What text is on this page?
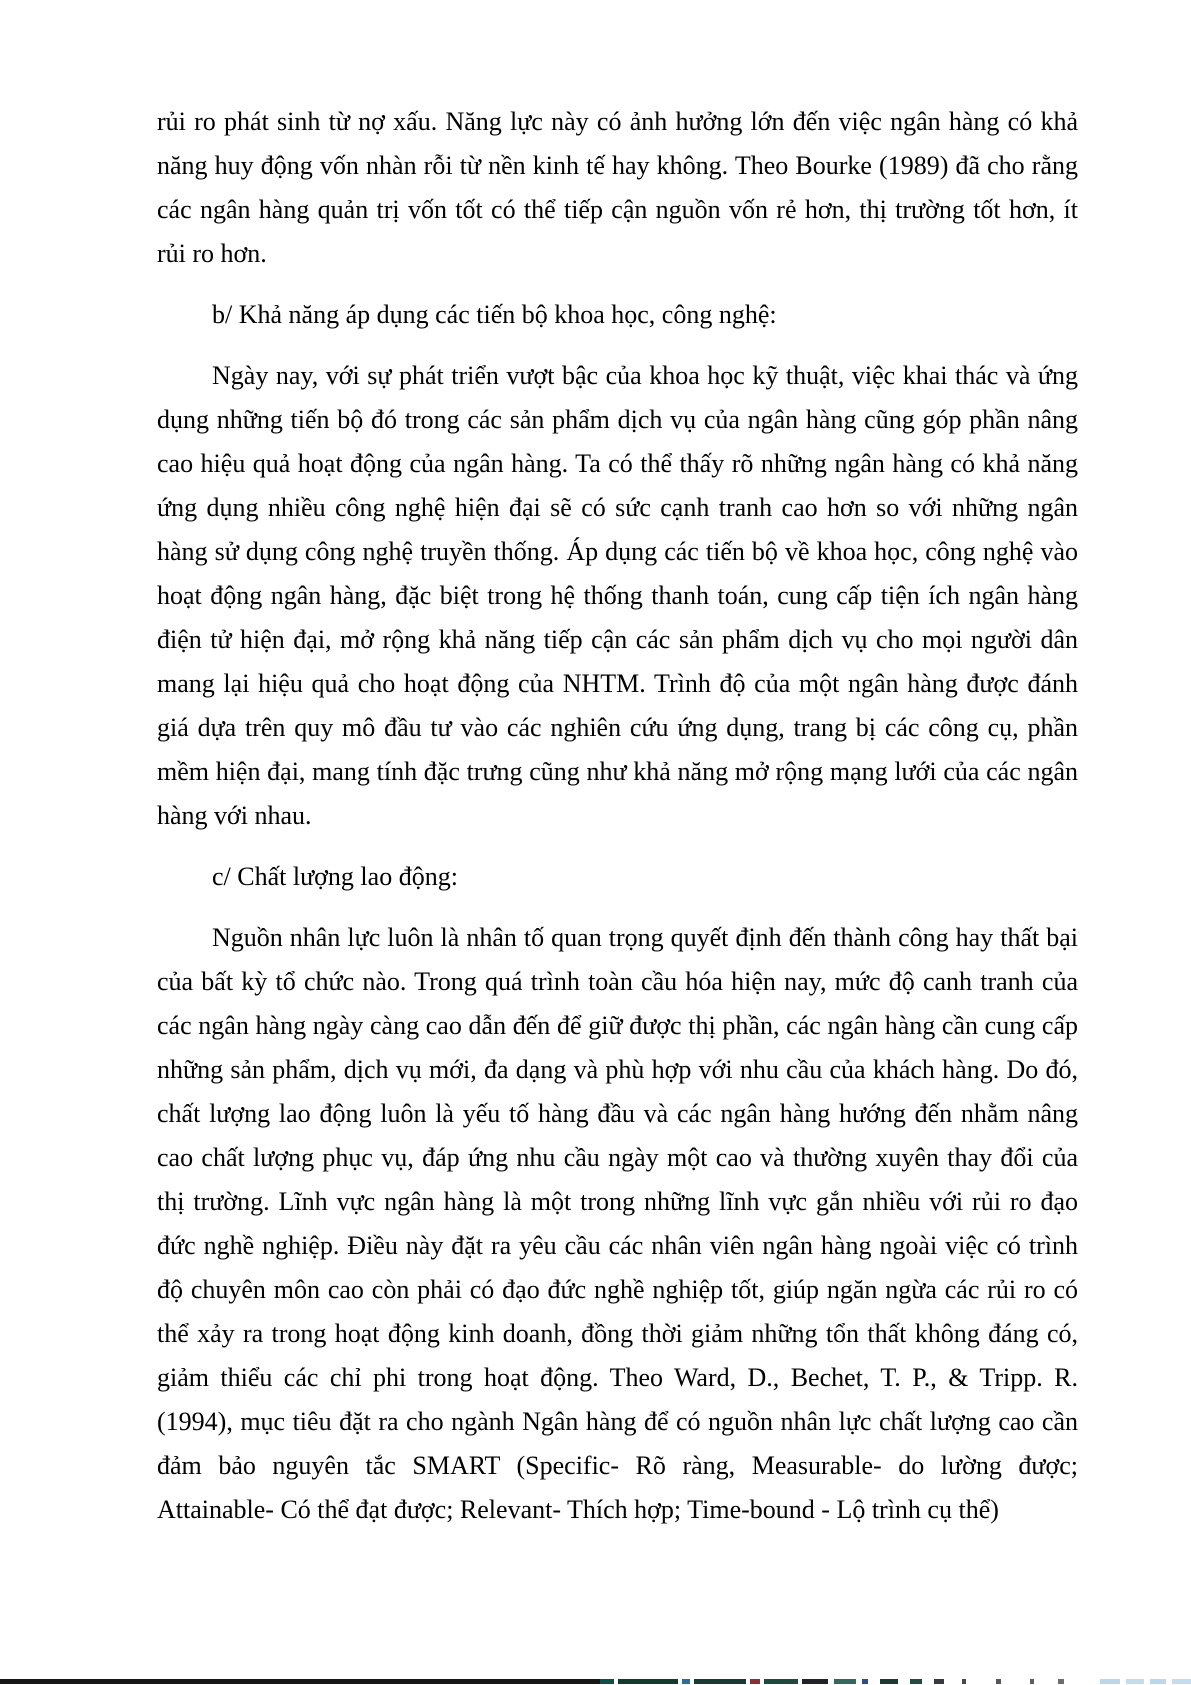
rủi ro phát sinh từ nợ xấu. Năng lực này có ảnh hưởng lớn đến việc ngân hàng có khả năng huy động vốn nhàn rỗi từ nền kinh tế hay không. Theo Bourke (1989) đã cho rằng các ngân hàng quản trị vốn tốt có thể tiếp cận nguồn vốn rẻ hơn, thị trường tốt hơn, ít rủi ro hơn.

b/ Khả năng áp dụng các tiến bộ khoa học, công nghệ:

Ngày nay, với sự phát triển vượt bậc của khoa học kỹ thuật, việc khai thác và ứng dụng những tiến bộ đó trong các sản phẩm dịch vụ của ngân hàng cũng góp phần nâng cao hiệu quả hoạt động của ngân hàng. Ta có thể thấy rõ những ngân hàng có khả năng ứng dụng nhiều công nghệ hiện đại sẽ có sức cạnh tranh cao hơn so với những ngân hàng sử dụng công nghệ truyền thống. Áp dụng các tiến bộ về khoa học, công nghệ vào hoạt động ngân hàng, đặc biệt trong hệ thống thanh toán, cung cấp tiện ích ngân hàng điện tử hiện đại, mở rộng khả năng tiếp cận các sản phẩm dịch vụ cho mọi người dân mang lại hiệu quả cho hoạt động của NHTM. Trình độ của một ngân hàng được đánh giá dựa trên quy mô đầu tư vào các nghiên cứu ứng dụng, trang bị các công cụ, phần mềm hiện đại, mang tính đặc trưng cũng như khả năng mở rộng mạng lưới của các ngân hàng với nhau.

c/ Chất lượng lao động:

Nguồn nhân lực luôn là nhân tố quan trọng quyết định đến thành công hay thất bại của bất kỳ tổ chức nào. Trong quá trình toàn cầu hóa hiện nay, mức độ canh tranh của các ngân hàng ngày càng cao dẫn đến để giữ được thị phần, các ngân hàng cần cung cấp những sản phẩm, dịch vụ mới, đa dạng và phù hợp với nhu cầu của khách hàng. Do đó, chất lượng lao động luôn là yếu tố hàng đầu và các ngân hàng hướng đến nhằm nâng cao chất lượng phục vụ, đáp ứng nhu cầu ngày một cao và thường xuyên thay đổi của thị trường. Lĩnh vực ngân hàng là một trong những lĩnh vực gắn nhiều với rủi ro đạo đức nghề nghiệp. Điều này đặt ra yêu cầu các nhân viên ngân hàng ngoài việc có trình độ chuyên môn cao còn phải có đạo đức nghề nghiệp tốt, giúp ngăn ngừa các rủi ro có thể xảy ra trong hoạt động kinh doanh, đồng thời giảm những tổn thất không đáng có, giảm thiểu các chỉ phi trong hoạt động. Theo Ward, D., Bechet, T. P., & Tripp. R. (1994), mục tiêu đặt ra cho ngành Ngân hàng để có nguồn nhân lực chất lượng cao cần đảm bảo nguyên tắc SMART (Specific- Rõ ràng, Measurable- do lường được; Attainable- Có thể đạt được; Relevant- Thích hợp; Time-bound - Lộ trình cụ thể)
